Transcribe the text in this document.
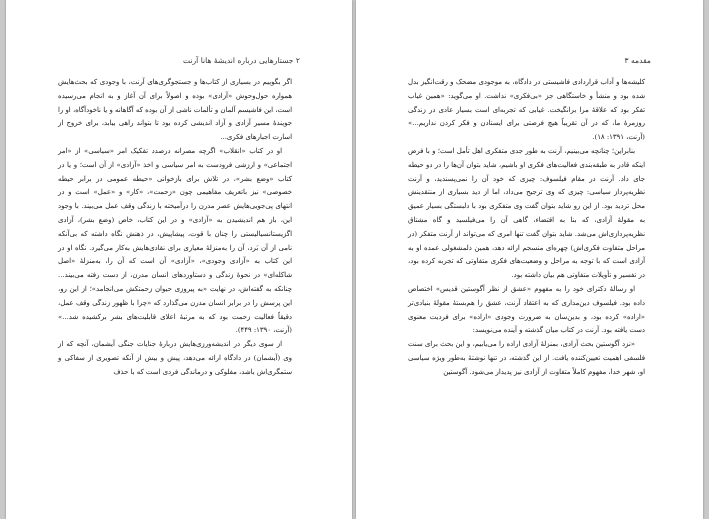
۲ جستارهایی درباره اندیشهٔ هانا آرنت

اگر بگوییم در بسیاری از کتاب‌ها و جستجوگری‌های آرنت، با وجودی که بحث‌هایش همواره حول‌وحوش «آزادی» بوده و اصولاً برای آن آغاز و به انجام می‌رسیده است، این فاشیسم آلمان و تألمات ناشی از آن بوده که آگاهانه و یا ناخودآگاه، او را جویندهٔ مسیر آزادی و آزاد اندیشی کرده بود تا بتواند راهی بیابد، برای خروج از اسارت اجبارهای فکری...

او در کتاب «انقلاب» اگرچه مصرانه درصدد تفکیک امر «سیاسی» از «امر اجتماعی» و ارزشی فرودست به امر سیاسی و اخذ «آزادی» از آن است؛ و یا در کتاب «وضع بشر»، در تلاش برای بازخوانی «حیطه عمومی در برابر حیطه خصوصی» نیز باتعریف مفاهیمی چون «زحمت»، «کار» و «عمل» است و در انتهای پی‌جویی‌هایش عصر مدرن را درآمیخته با زندگی وقف عمل می‌بیند. با وجود این، باز هم اندیشیدن به «آزادی» و در این کتاب، خاص (وضع بشر)، آزادی اگزیستانسیالیستی را چنان با قوت، پیشاپیش، در ذهنش نگاه داشته که بی‌آنکه نامی از آن بَرد، آن را به‌منزلهٔ معیاری برای نقادی‌هایش به‌کار می‌گیرد. نگاه او در این کتاب به «آزادی وجودی»، «آزادی» آن است که آن را، به‌منزلهٔ «اصل شاکله‌ای» در نحوهٔ زندگی و دستاوردهای انسان مدرن، از دست رفته می‌بیند... چنانکه به گفته‌اش، در نهایت «به پیروزی حیوان زحمتکش می‌انجامد»؛ از این رو، این پرسش را در برابر انسان مدرن می‌گذارد که «چرا با ظهور زندگی وقف عمل، دقیقاً فعالیت زحمت بود که به مرتبهٔ اعلای قابلیت‌های بشر برکشیده شد...» (آرنت، ۱۳۹۰: ۴۴۹).

از سوی دیگر در اندیشه‌ورزی‌هایش دربارهٔ جنایات جنگی آیشمان، آنچه که از وی (آیشمان) در دادگاه ارائه می‌دهد، پیش و بیش از آنکه تصویری از سفاکی و ستمگری‌اش باشد، مفلوکی و درماندگی فردی است که با حذف

مقدمه ۳

کلیشه‌ها و آداب قراردادی فاشیستی در دادگاه، به موجودی مضحک و رقت‌انگیز بدل شده بود و منشأ و خاستگاهی جز «بی‌فکری» نداشت. او می‌گوید: «همین غیاب تفکر بود که علاقهٔ مرا برانگیخت. غیابی که تجربه‌ای است بسیار عادی در زندگی روزمرهٔ ما، که در آن تقریباً هیچ فرصتی برای ایستادن و فکر کردن نداریم...» (آرنت، ۱۳۹۱: ۱۸).

بنابراین؛ چنانچه می‌بینیم، آرنت به طور جدی متفکری اهل تأمل است؛ و با فرض اینکه قادر به طبقه‌بندی فعالیت‌های فکری او باشیم، شاید بتوان آن‌ها را در دو حیطه جای داد. آرنت در مقام فیلسوف: چیزی که خود آن را نمی‌پسندید، و آرنت نظریه‌پرداز سیاسی: چیزی که وی ترجیح می‌داد، اما از دید بسیاری از منتقدینش محل تردید بود. از این رو شاید بتوان گفت وی متفکری بود با دلبستگی بسیار عمیق به مقولهٔ آزادی، که بنا به اقتضاء، گاهی آن را می‌فیلسید و گاه مشتاق نظریه‌پردازی‌اش می‌شد. شاید بتوان گفت تنها امری که می‌تواند از آرنت متفکر (در مراحل متفاوت فکری‌اش) چهره‌ای منسجم ارائه دهد، همین دلمشغولی عمده او به آزادی است که با توجه به مراحل و وضعیت‌های فکری متفاوتی که تجربه کرده بود، در تفسیر و تأویلات متفاوتی هم بیان داشته بود.

او رسالهٔ دکترای خود را به مفهوم «عشق از نظر آگوستین قدیس» اختصاص داده بود. فیلسوف دین‌مداری که به اعتقاد آرنت، عشق را هم‌بستهٔ مقولهٔ بنیادی‌تر «اراده» کرده بود، و بدین‌سان به ضرورت وجودی «اراده» برای فردیت معنوی دست یافته بود. آرنت در کتاب میان گذشته و آینده می‌نویسد:

«نزد آگوستین بحث آزادی، بمنزلهٔ آزادی اراده را می‌یابیم، و این بحث برای سنت فلسفی اهمیت تعیین‌کننده یافت. از این گذشته، در تنها نوشتهٔ به‌طور ویژه سیاسی او، شهر خدا، مفهوم کاملاً متفاوت از آزادی نیز پدیدار می‌شود. آگوستین
